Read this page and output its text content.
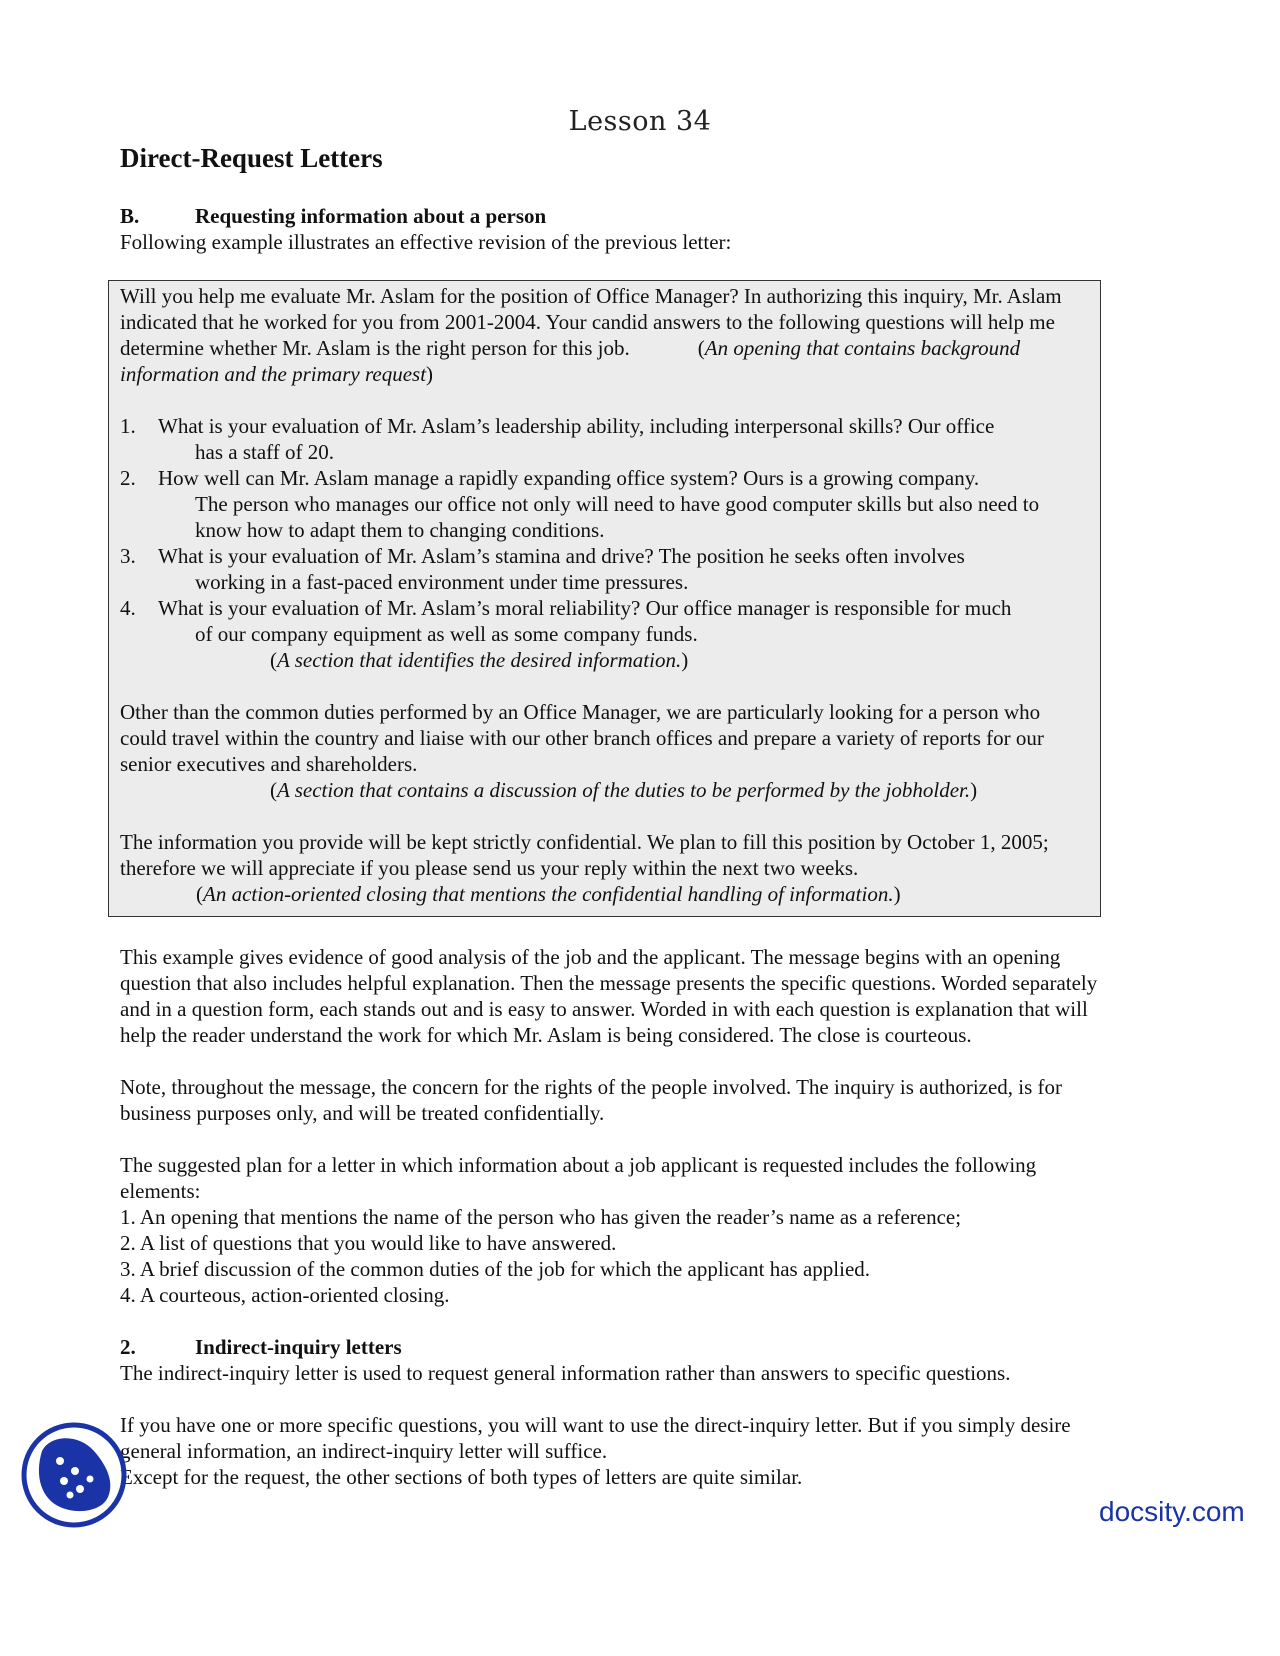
Lesson 34
Direct-Request Letters
B.	Requesting information about a person
Following example illustrates an effective revision of the previous letter:

Will you help me evaluate Mr. Aslam for the position of Office Manager? In authorizing this inquiry, Mr. Aslam indicated that he worked for you from 2001-2004. Your candid answers to the following questions will help me determine whether Mr. Aslam is the right person for this job.	(An opening that contains background information and the primary request)

1. What is your evaluation of Mr. Aslam’s leadership ability, including interpersonal skills? Our office
has a staff of 20.
2. How well can Mr. Aslam manage a rapidly expanding office system? Ours is a growing company.
The person who manages our office not only will need to have good computer skills but also need to know how to adapt them to changing conditions.
3. What is your evaluation of Mr. Aslam’s stamina and drive? The position he seeks often involves
working in a fast-paced environment under time pressures.
4. What is your evaluation of Mr. Aslam’s moral reliability? Our office manager is responsible for much
of our company equipment as well as some company funds.

(A section that identifies the desired information.)

Other than the common duties performed by an Office Manager, we are particularly looking for a person who could travel within the country and liaise with our other branch offices and prepare a variety of reports for our senior executives and shareholders.

(A section that contains a discussion of the duties to be performed by the jobholder.)

The information you provide will be kept strictly confidential. We plan to fill this position by October 1, 2005; therefore we will appreciate if you please send us your reply within the next two weeks.

(An action-oriented closing that mentions the confidential handling of information.)

This example gives evidence of good analysis of the job and the applicant. The message begins with an opening question that also includes helpful explanation. Then the message presents the specific questions. Worded separately and in a question form, each stands out and is easy to answer. Worded in with each question is explanation that will help the reader understand the work for which Mr. Aslam is being considered. The close is courteous.

Note, throughout the message, the concern for the rights of the people involved. The inquiry is authorized, is for business purposes only, and will be treated confidentially.

The suggested plan for a letter in which information about a job applicant is requested includes the following elements:

1. An opening that mentions the name of the person who has given the reader’s name as a reference;
2. A list of questions that you would like to have answered.
3. A brief discussion of the common duties of the job for which the applicant has applied.
4. A courteous, action-oriented closing.
2.	Indirect-inquiry letters

The indirect-inquiry letter is used to request general information rather than answers to specific questions.

If you have one or more specific questions, you will want to use the direct-inquiry letter. But if you simply desire general information, an indirect-inquiry letter will suffice.

Except for the request, the other sections of both types of letters are quite similar.

docsity.com
